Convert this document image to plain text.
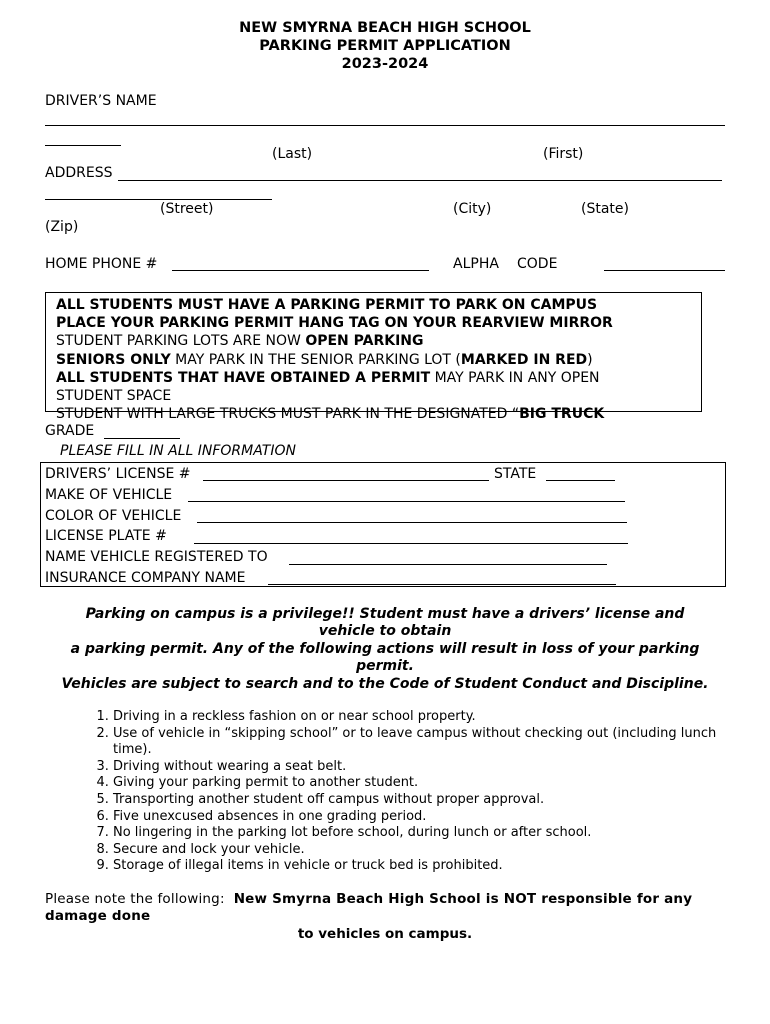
NEW SMYRNA BEACH HIGH SCHOOL
PARKING PERMIT APPLICATION
2023-2024
DRIVER’S NAME
(Last)	(First)
ADDRESS
(Street)	(City)	(State)
(Zip)
HOME PHONE #	ALPHA CODE
ALL STUDENTS MUST HAVE A PARKING PERMIT TO PARK ON CAMPUS
PLACE YOUR PARKING PERMIT HANG TAG ON YOUR REARVIEW MIRROR
STUDENT PARKING LOTS ARE NOW OPEN PARKING
SENIORS ONLY MAY PARK IN THE SENIOR PARKING LOT (MARKED IN RED)
ALL STUDENTS THAT HAVE OBTAINED A PERMIT MAY PARK IN ANY OPEN
STUDENT SPACE
STUDENT WITH LARGE TRUCKS MUST PARK IN THE DESIGNATED “BIG TRUCK
GRADE
PLEASE FILL IN ALL INFORMATION
DRIVERS’ LICENSE #	STATE
MAKE OF VEHICLE
COLOR OF VEHICLE
LICENSE PLATE #
NAME VEHICLE REGISTERED TO
INSURANCE COMPANY NAME
Parking on campus is a privilege!! Student must have a drivers’ license and
vehicle to obtain
a parking permit. Any of the following actions will result in loss of your parking
permit.
Vehicles are subject to search and to the Code of Student Conduct and Discipline.
1. Driving in a reckless fashion on or near school property.
2. Use of vehicle in “skipping school” or to leave campus without checking out (including lunch time).
3. Driving without wearing a seat belt.
4. Giving your parking permit to another student.
5. Transporting another student off campus without proper approval.
6. Five unexcused absences in one grading period.
7. No lingering in the parking lot before school, during lunch or after school.
8. Secure and lock your vehicle.
9. Storage of illegal items in vehicle or truck bed is prohibited.
Please note the following: New Smyrna Beach High School is NOT responsible for any damage done
to vehicles on campus.
